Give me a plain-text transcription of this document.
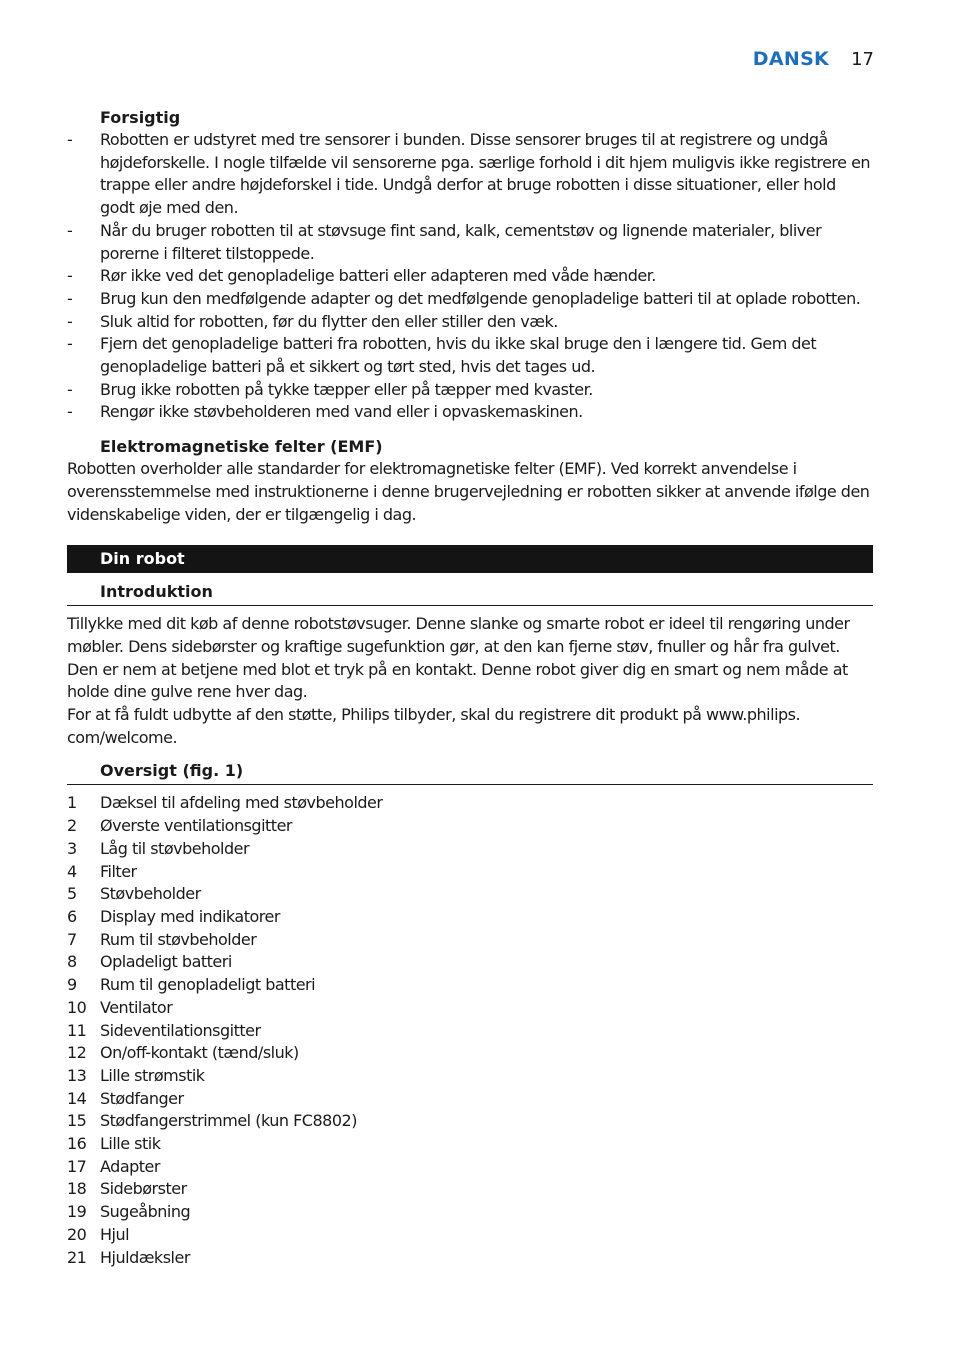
DANSK 17
Forsigtig
-	Robotten er udstyret med tre sensorer i bunden. Disse sensorer bruges til at registrere og undgå højdeforskelle. I nogle tilfælde vil sensorerne pga. særlige forhold i dit hjem muligvis ikke registrere en trappe eller andre højdeforskel i tide. Undgå derfor at bruge robotten i disse situationer, eller hold godt øje med den.
-	Når du bruger robotten til at støvsuge fint sand, kalk, cementstøv og lignende materialer, bliver porerne i filteret tilstoppede.
-	Rør ikke ved det genopladelige batteri eller adapteren med våde hænder.
-	Brug kun den medfølgende adapter og det medfølgende genopladelige batteri til at oplade robotten.
-	Sluk altid for robotten, før du flytter den eller stiller den væk.
-	Fjern det genopladelige batteri fra robotten, hvis du ikke skal bruge den i længere tid. Gem det genopladelige batteri på et sikkert og tørt sted, hvis det tages ud.
-	Brug ikke robotten på tykke tæpper eller på tæpper med kvaster.
-	Rengør ikke støvbeholderen med vand eller i opvaskemaskinen.
Elektromagnetiske felter (EMF)

Robotten overholder alle standarder for elektromagnetiske felter (EMF). Ved korrekt anvendelse i overensstemmelse med instruktionerne i denne brugervejledning er robotten sikker at anvende ifølge den videnskabelige viden, der er tilgængelig i dag.

Din robot
Introduktion

Tillykke med dit køb af denne robotstøvsuger. Denne slanke og smarte robot er ideel til rengøring under møbler. Dens sidebørster og kraftige sugefunktion gør, at den kan fjerne støv, fnuller og hår fra gulvet. Den er nem at betjene med blot et tryk på en kontakt. Denne robot giver dig en smart og nem måde at holde dine gulve rene hver dag.

For at få fuldt udbytte af den støtte, Philips tilbyder, skal du registrere dit produkt på www.philips. com/welcome.

Oversigt (fig. 1)
1	Dæksel til afdeling med støvbeholder
2	Øverste ventilationsgitter
3	Låg til støvbeholder
4	Filter
5	Støvbeholder
6	Display med indikatorer
7	Rum til støvbeholder
8	Opladeligt batteri
9	Rum til genopladeligt batteri
10 Ventilator
11 Sideventilationsgitter
12 On/off-kontakt (tænd/sluk)
13 Lille strømstik
14 Stødfanger
15 Stødfangerstrimmel (kun FC8802)
16 Lille stik
17 Adapter
18 Sidebørster
19 Sugeåbning
20 Hjul
21 Hjuldæksler
